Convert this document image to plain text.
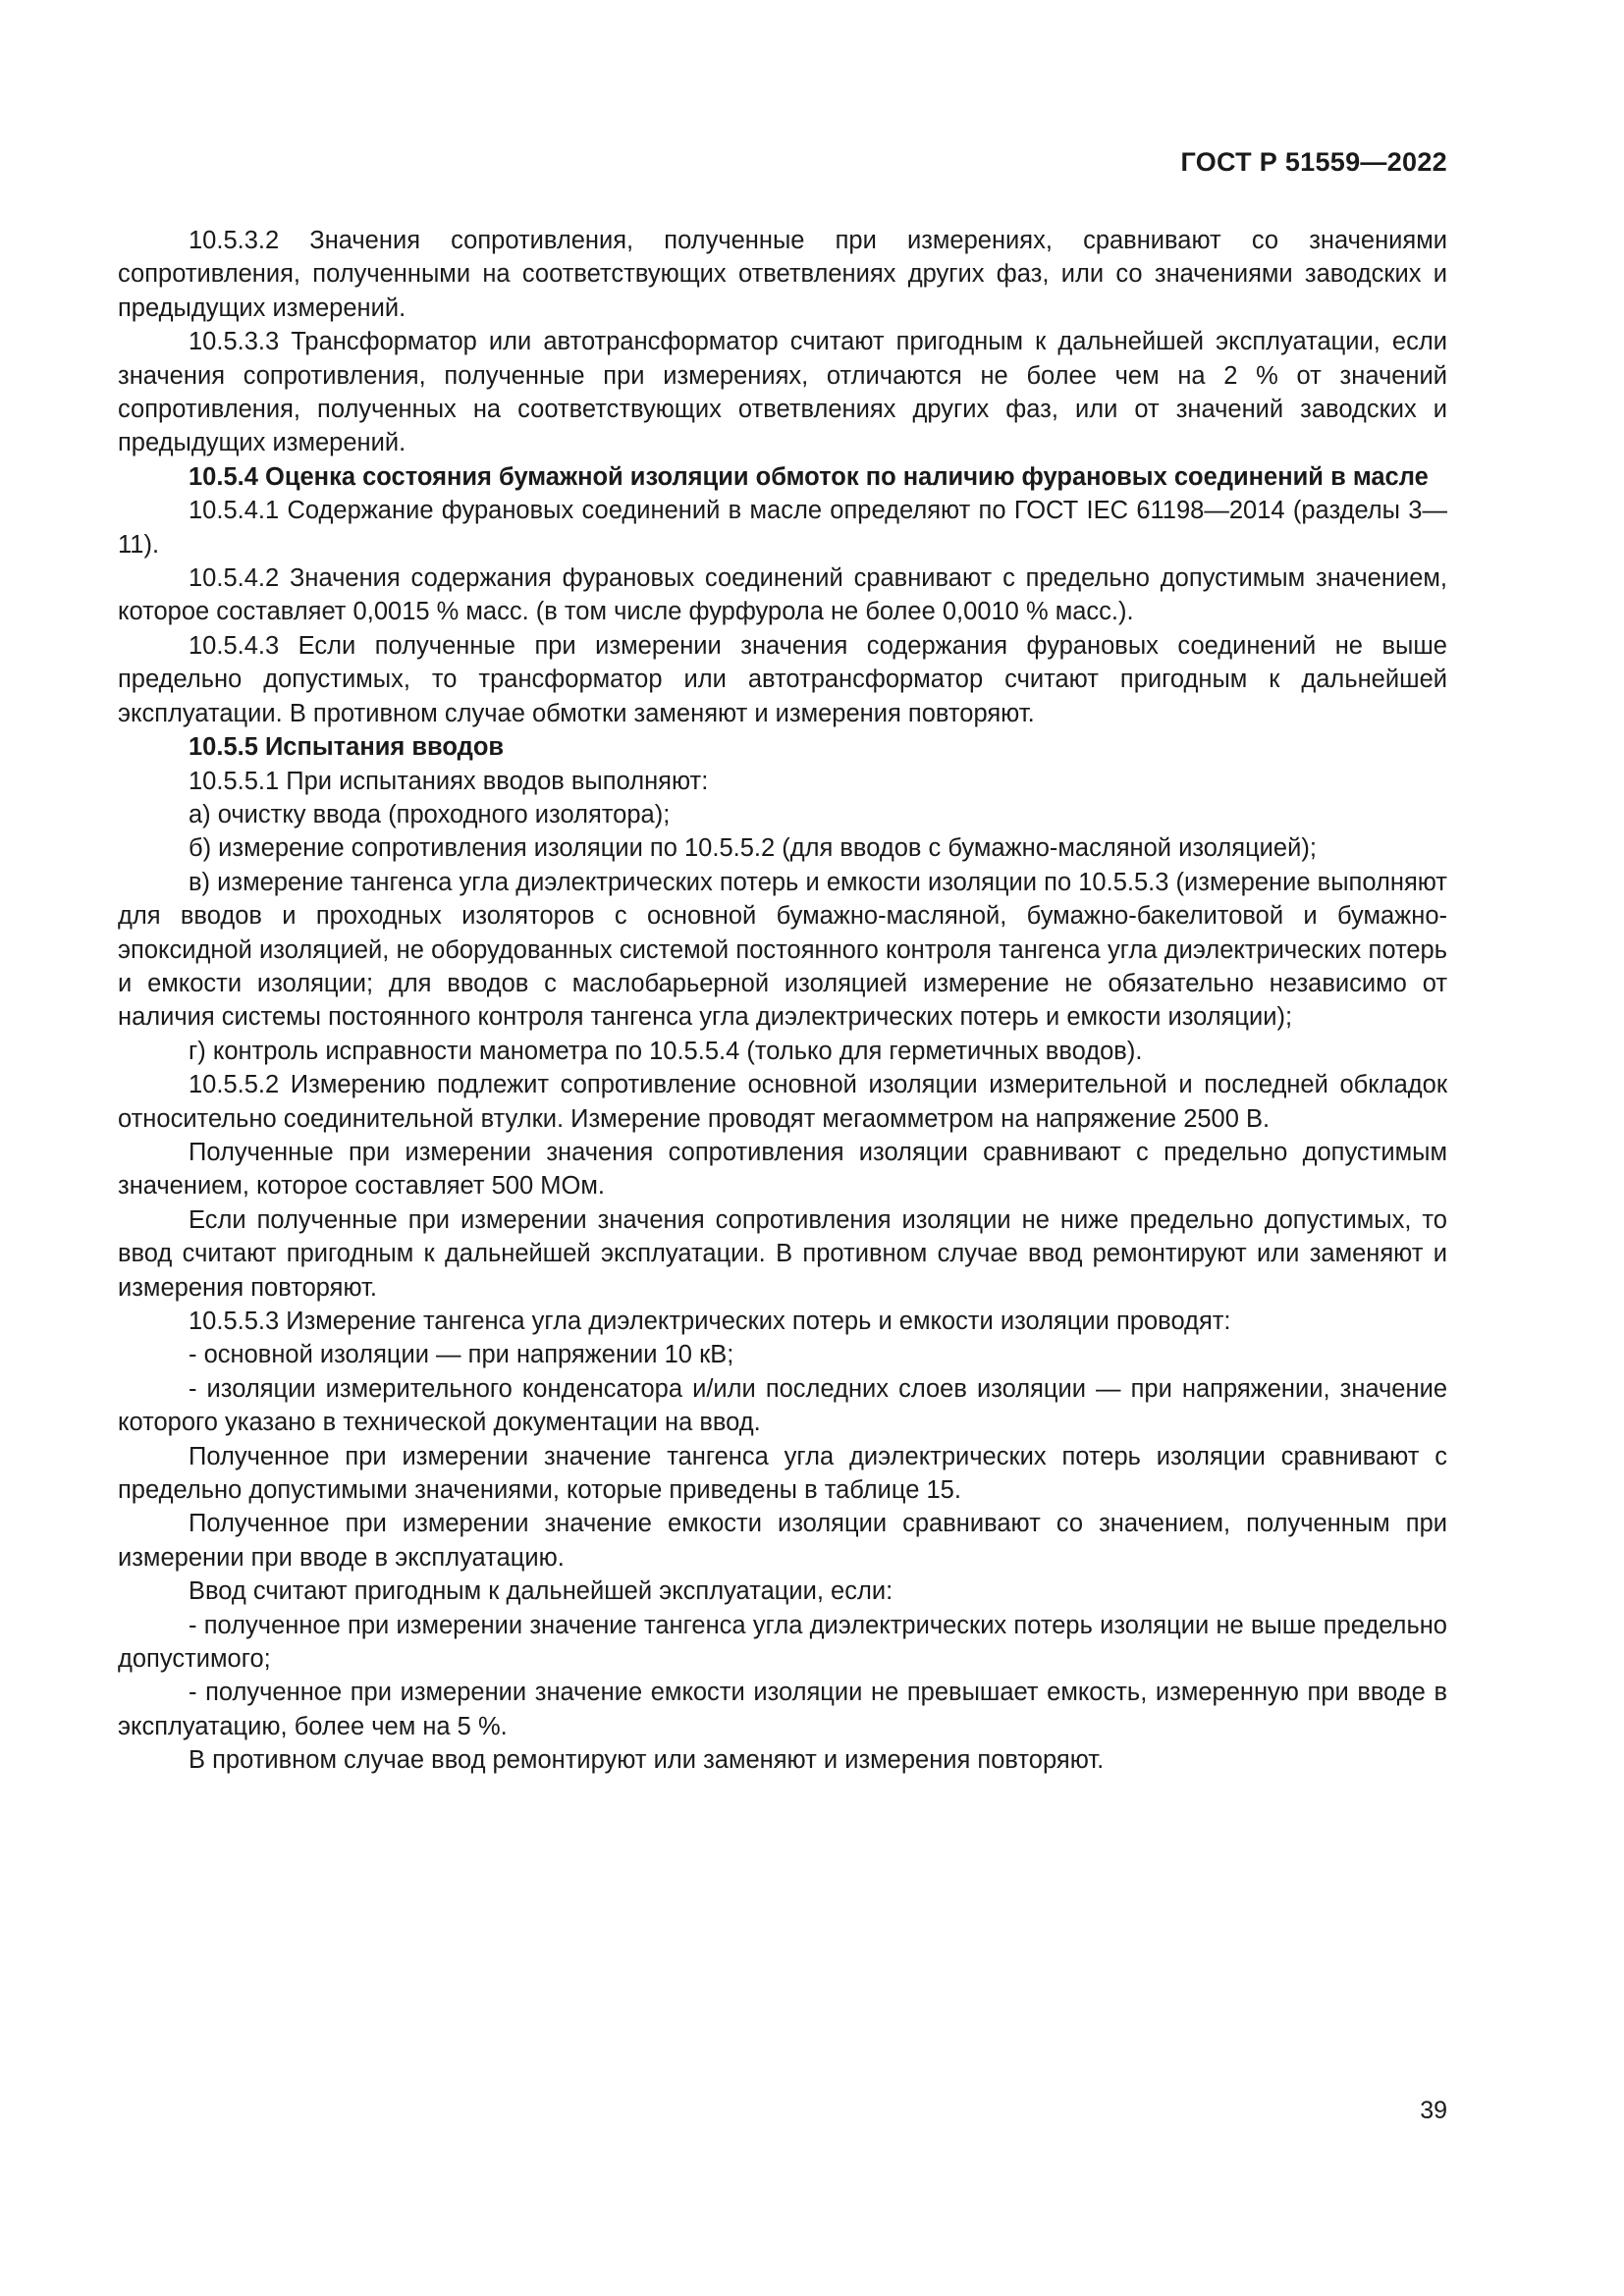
ГОСТ Р 51559—2022

10.5.3.2 Значения сопротивления, полученные при измерениях, сравнивают со значениями сопротивления, полученными на соответствующих ответвлениях других фаз, или со значениями заводских и предыдущих измерений.

10.5.3.3 Трансформатор или автотрансформатор считают пригодным к дальнейшей эксплуатации, если значения сопротивления, полученные при измерениях, отличаются не более чем на 2 % от значений сопротивления, полученных на соответствующих ответвлениях других фаз, или от значений заводских и предыдущих измерений.

10.5.4 Оценка состояния бумажной изоляции обмоток по наличию фурановых соединений в масле

10.5.4.1 Содержание фурановых соединений в масле определяют по ГОСТ IEC 61198—2014 (разделы 3—11).

10.5.4.2 Значения содержания фурановых соединений сравнивают с предельно допустимым значением, которое составляет 0,0015 % масс. (в том числе фурфурола не более 0,0010 % масс.).

10.5.4.3 Если полученные при измерении значения содержания фурановых соединений не выше предельно допустимых, то трансформатор или автотрансформатор считают пригодным к дальнейшей эксплуатации. В противном случае обмотки заменяют и измерения повторяют.

10.5.5 Испытания вводов

10.5.5.1 При испытаниях вводов выполняют:

а) очистку ввода (проходного изолятора);

б) измерение сопротивления изоляции по 10.5.5.2 (для вводов с бумажно-масляной изоляцией);

в) измерение тангенса угла диэлектрических потерь и емкости изоляции по 10.5.5.3 (измерение выполняют для вводов и проходных изоляторов с основной бумажно-масляной, бумажно-бакелитовой и бумажно-эпоксидной изоляцией, не оборудованных системой постоянного контроля тангенса угла диэлектрических потерь и емкости изоляции; для вводов с маслобарьерной изоляцией измерение не обязательно независимо от наличия системы постоянного контроля тангенса угла диэлектрических потерь и емкости изоляции);

г) контроль исправности манометра по 10.5.5.4 (только для герметичных вводов).

10.5.5.2 Измерению подлежит сопротивление основной изоляции измерительной и последней обкладок относительно соединительной втулки. Измерение проводят мегаомметром на напряжение 2500 В.

Полученные при измерении значения сопротивления изоляции сравнивают с предельно допустимым значением, которое составляет 500 МОм.

Если полученные при измерении значения сопротивления изоляции не ниже предельно допустимых, то ввод считают пригодным к дальнейшей эксплуатации. В противном случае ввод ремонтируют или заменяют и измерения повторяют.

10.5.5.3 Измерение тангенса угла диэлектрических потерь и емкости изоляции проводят:

- основной изоляции — при напряжении 10 кВ;

- изоляции измерительного конденсатора и/или последних слоев изоляции — при напряжении, значение которого указано в технической документации на ввод.

Полученное при измерении значение тангенса угла диэлектрических потерь изоляции сравнивают с предельно допустимыми значениями, которые приведены в таблице 15.

Полученное при измерении значение емкости изоляции сравнивают со значением, полученным при измерении при вводе в эксплуатацию.

Ввод считают пригодным к дальнейшей эксплуатации, если:

- полученное при измерении значение тангенса угла диэлектрических потерь изоляции не выше предельно допустимого;

- полученное при измерении значение емкости изоляции не превышает емкость, измеренную при вводе в эксплуатацию, более чем на 5 %.

В противном случае ввод ремонтируют или заменяют и измерения повторяют.

39
